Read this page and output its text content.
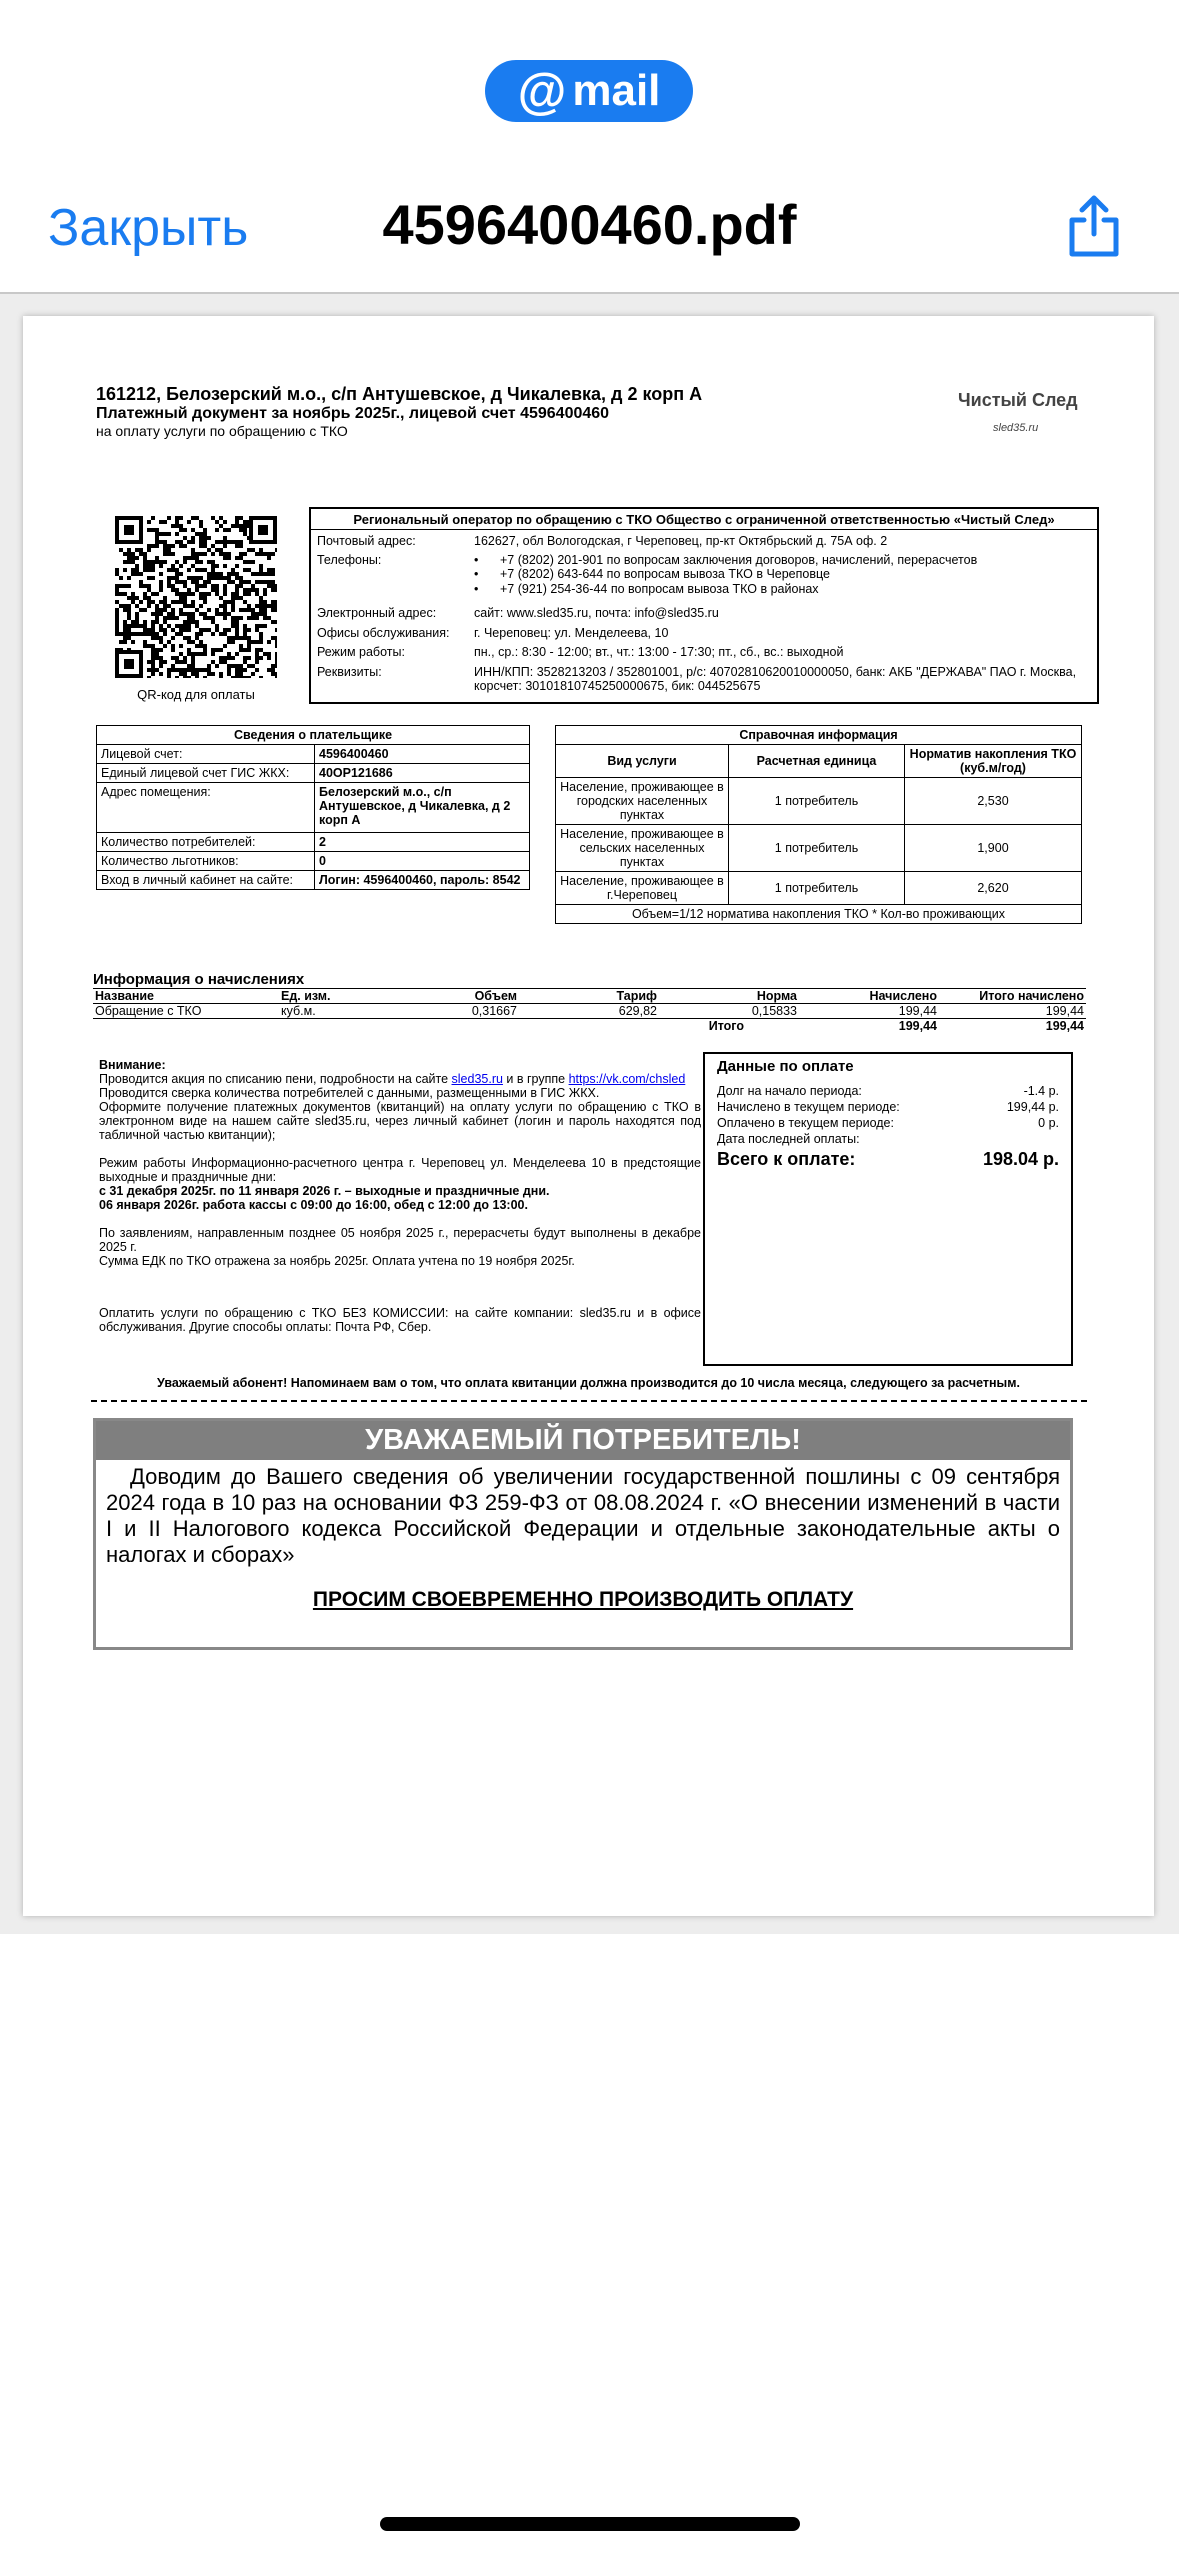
@ mail
Закрыть	4596400460.pdf
161212, Белозерский м.о., с/п Антушевское, д Чикалевка, д 2 корп А
Платежный документ за ноябрь 2025г., лицевой счет 4596400460
на оплату услуги по обращению с ТКО
Чистый След
sled35.ru
QR-код для оплаты
Региональный оператор по обращению с ТКО Общество с ограниченной ответственностью «Чистый След»
Почтовый адрес:	162627, обл Вологодская, г Череповец, пр-кт Октябрьский д. 75А оф. 2
Телефоны:	• +7 (8202) 201-901 по вопросам заключения договоров, начислений, перерасчетов
• +7 (8202) 643-644 по вопросам вывоза ТКО в Череповце
• +7 (921) 254-36-44 по вопросам вывоза ТКО в районах
Электронный адрес:	сайт: www.sled35.ru, почта: info@sled35.ru
Офисы обслуживания:	г. Череповец: ул. Менделеева, 10
Режим работы:	пн., ср.: 8:30 - 12:00; вт., чт.: 13:00 - 17:30; пт., сб., вс.: выходной
Реквизиты:	ИНН/КПП: 3528213203 / 352801001, р/с: 40702810620010000050, банк: АКБ "ДЕРЖАВА" ПАО г. Москва, корсчет: 30101810745250000675, бик: 044525675
Сведения о плательщике	
Лицевой счет:	4596400460
Единый лицевой счет ГИС ЖКХ:	40ОР121686
Адрес помещения:	Белозерский м.о., с/п Антушевское, д Чикалевка, д 2 корп А
Количество потребителей:	2
Количество льготников:	0
Вход в личный кабинет на сайте:	Логин: 4596400460, пароль: 8542
Справочная информация		
Вид услуги	Расчетная единица	Норматив накопления ТКО (куб.м/год)
Население, проживающее в городских населенных пунктах	1 потребитель	2,530
Население, проживающее в сельских населенных пунктах	1 потребитель	1,900
Население, проживающее в г.Череповец	1 потребитель	2,620
Объем=1/12 норматива накопления ТКО * Кол-во проживающих		
Информация о начислениях
Название	Ед. изм.	Объем	Тариф	Норма	Начислено	Итого начислено
Обращение с ТКО	куб.м.	0,31667	629,82	0,15833	199,44	199,44
				Итого	199,44	199,44

Внимание:

Проводится акция по списанию пени, подробности на сайте sled35.ru и в группе https://vk.com/chsled

Проводится сверка количества потребителей с данными, размещенными в ГИС ЖКХ.

Оформите получение платежных документов (квитанций) на оплату услуги по обращению с ТКО в электронном виде на нашем сайте sled35.ru, через личный кабинет (логин и пароль находятся под табличной частью квитанции);

Режим работы Информационно-расчетного центра г. Череповец ул. Менделеева 10 в предстоящие выходные и праздничные дни:

с 31 декабря 2025г. по 11 января 2026 г. – выходные и праздничные дни.

06 января 2026г. работа кассы с 09:00 до 16:00, обед с 12:00 до 13:00.

По заявлениям, направленным позднее 05 ноября 2025 г., перерасчеты будут выполнены в декабре 2025 г.

Сумма ЕДК по ТКО отражена за ноябрь 2025г. Оплата учтена по 19 ноября 2025г.

Оплатить услуги по обращению с ТКО БЕЗ КОМИССИИ: на сайте компании: sled35.ru и в офисе обслуживания. Другие способы оплаты: Почта РФ, Сбер.

Данные по оплате
Долг на начало периода:	-1.4 р.
Начислено в текущем периоде:	199,44 р.
Оплачено в текущем периоде:	0 р.
Дата последней оплаты:
Всего к оплате:	198.04 р.
Уважаемый абонент! Напоминаем вам о том, что оплата квитанции должна производится до 10 числа месяца, следующего за расчетным.
УВАЖАЕМЫЙ ПОТРЕБИТЕЛЬ!
Доводим до Вашего сведения об увеличении государственной пошлины с 09 сентября 2024 года в 10 раз на основании ФЗ 259-ФЗ от 08.08.2024 г. «О внесении изменений в части I и II Налогового кодекса Российской Федерации и отдельные законодательные акты о налогах и сборах»
ПРОСИМ СВОЕВРЕМЕННО ПРОИЗВОДИТЬ ОПЛАТУ
